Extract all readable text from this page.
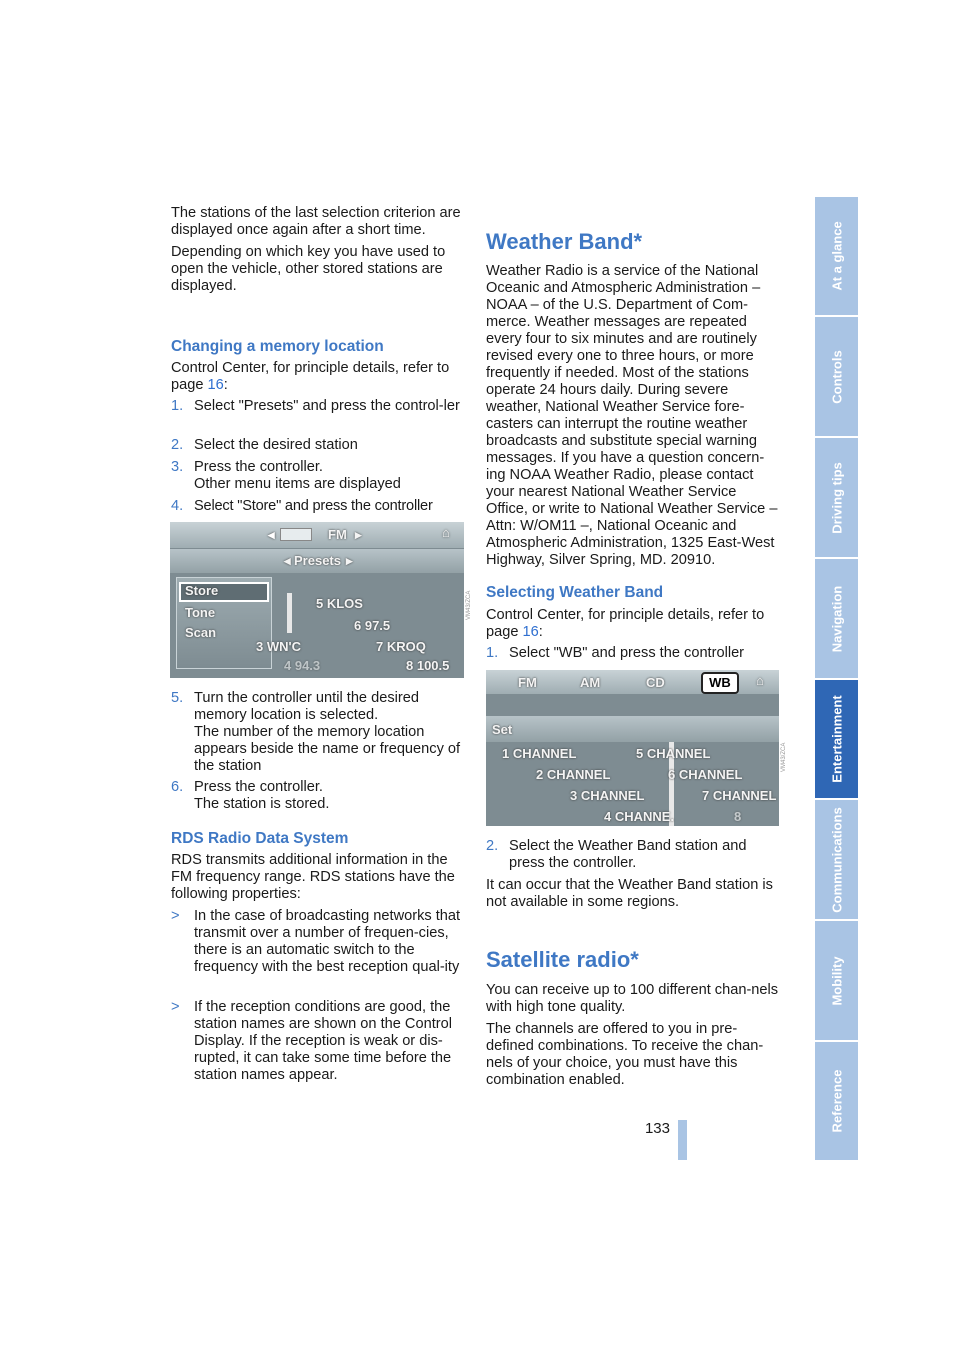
The stations of the last selection criterion are displayed once again after a short time.

Depending on which key you have used to open the vehicle, other stored stations are displayed.

Changing a memory location

Control Center, for principle details, refer to page 16:

1. Select "Presets" and press the control-ler

2. Select the desired station

3. Press the controller.

Other menu items are displayed

4. Select "Store" and press the controller

◂	FM ▸	⌂
◂ Presets ▸
Store
Tone
Scan
5 KLOS
6 97.5
3 WN'C	7 KROQ
4 94.3	8 100.5
VM43/ZCA
5. Turn the controller until the desired memory location is selected.

The number of the memory location appears beside the name or frequency of the station

6. Press the controller.

The station is stored.

RDS Radio Data System

RDS transmits additional information in the FM frequency range. RDS stations have the following properties:

> In the case of broadcasting networks that transmit over a number of frequen-cies, there is an automatic switch to the frequency with the best reception qual-ity

> If the reception conditions are good, the station names are shown on the Control Display. If the reception is weak or dis-rupted, it can take some time before the station names appear.

Weather Band*

Weather Radio is a service of the National Oceanic and Atmospheric Administration – NOAA – of the U.S. Department of Com-merce. Weather messages are repeated every four to six minutes and are routinely revised every one to three hours, or more frequently if needed. Most of the stations operate 24 hours daily. During severe weather, National Weather Service fore-casters can interrupt the routine weather broadcasts and substitute special warning messages. If you have a question concern-ing NOAA Weather Radio, please contact your nearest National Weather Service Office, or write to National Weather Service – Attn: W/OM11 –, National Oceanic and Atmospheric Administration, 1325 East-West Highway, Silver Spring, MD. 20910.

Selecting Weather Band

Control Center, for principle details, refer to page 16:

1. Select "WB" and press the controller

FM	AM	CD	WB	⌂
Set
1 CHANNEL	5 CHANNEL
2 CHANNEL	6 CHANNEL
3 CHANNEL	7 CHANNEL
4 CHANNE.	8
VM43/ZCA
2. Select the Weather Band station and press the controller.

It can occur that the Weather Band station is not available in some regions.

Satellite radio*

You can receive up to 100 different chan-nels with high tone quality.

The channels are offered to you in pre-defined combinations. To receive the chan-nels of your choice, you must have this combination enabled.

At a glance
Controls
Driving tips
Navigation
Entertainment
Communications
Mobility
Reference
133
